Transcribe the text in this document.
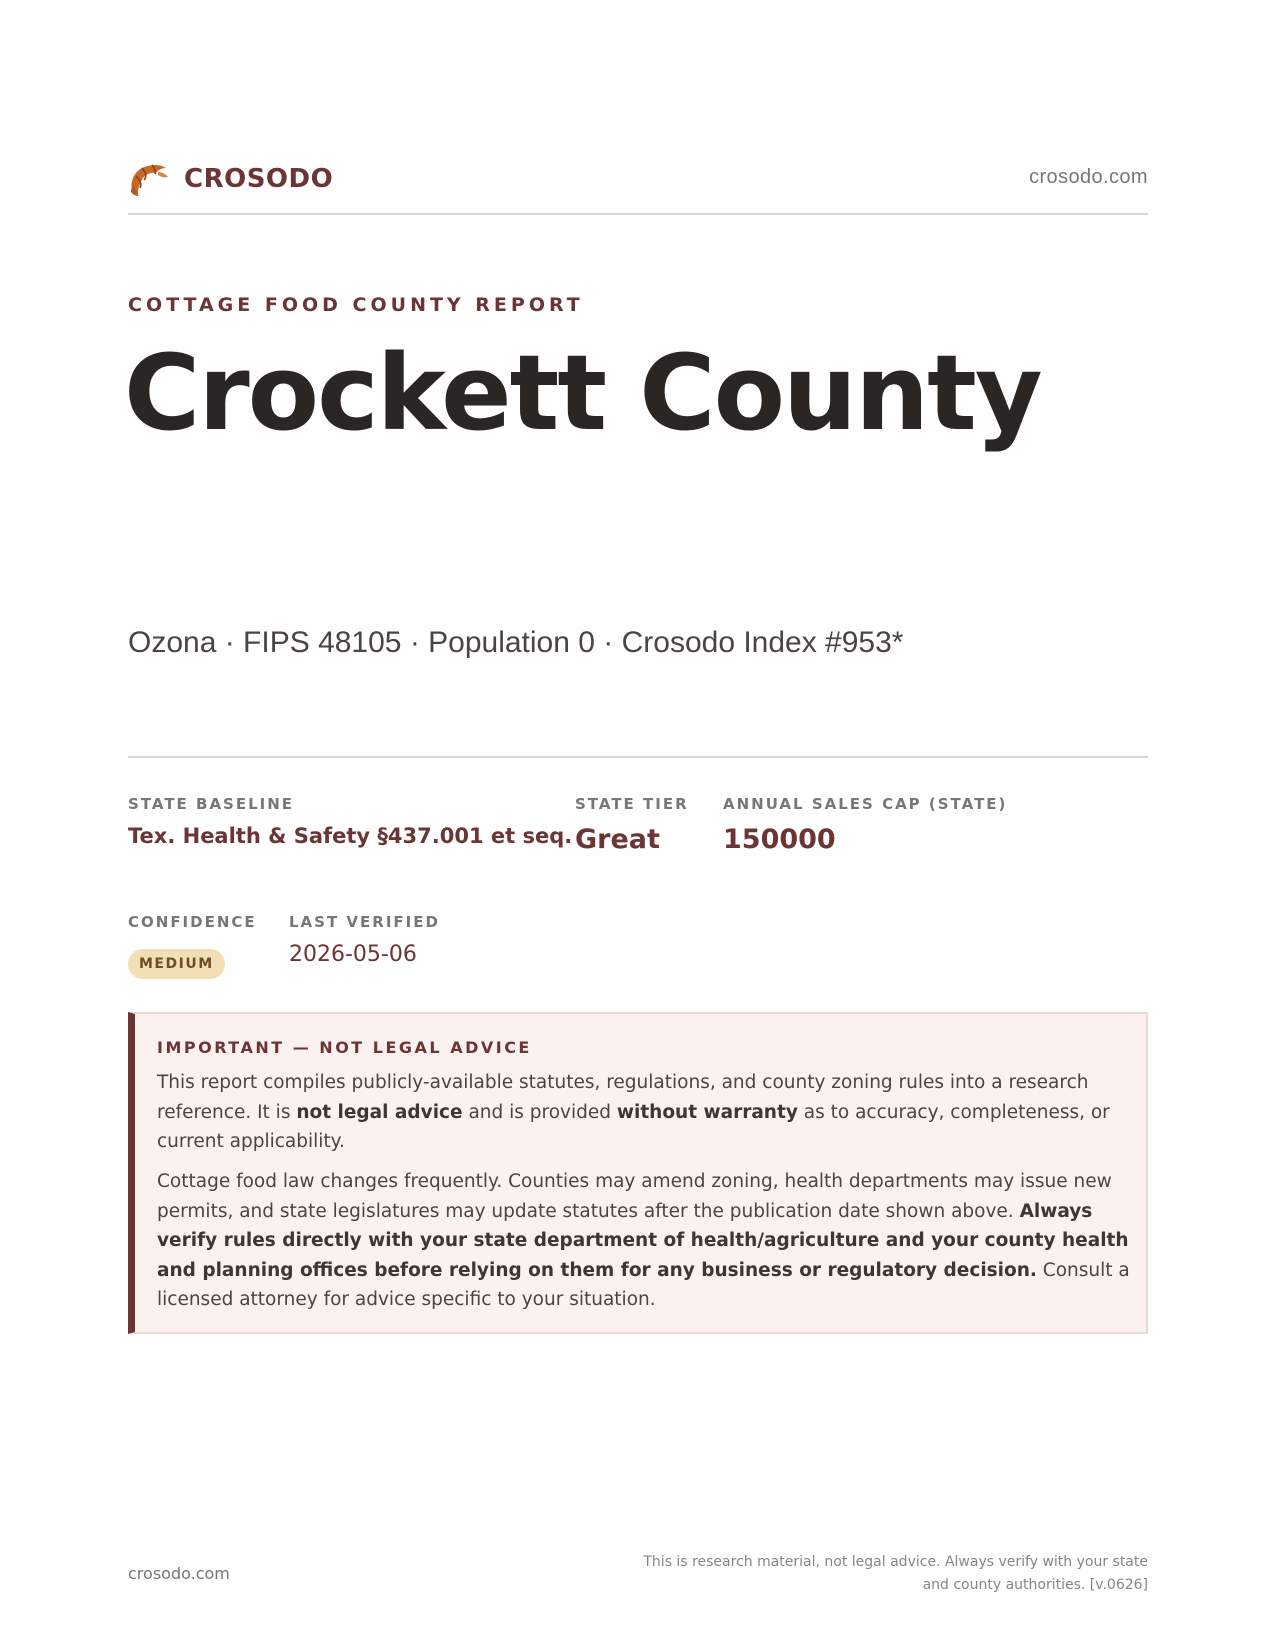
CROSODO	crosodo.com
COTTAGE FOOD COUNTY REPORT
Crockett County
Ozona · FIPS 48105 · Population 0 · Crosodo Index #953*
STATE BASELINE
Tex. Health & Safety §437.001 et seq.
STATE TIER
Great
ANNUAL SALES CAP (STATE)
150000
CONFIDENCE
MEDIUM
LAST VERIFIED
2026-05-06
IMPORTANT — NOT LEGAL ADVICE

This report compiles publicly-available statutes, regulations, and county zoning rules into a research reference. It is not legal advice and is provided without warranty as to accuracy, completeness, or current applicability.

Cottage food law changes frequently. Counties may amend zoning, health departments may issue new permits, and state legislatures may update statutes after the publication date shown above. Always verify rules directly with your state department of health/agriculture and your county health and planning offices before relying on them for any business or regulatory decision. Consult a licensed attorney for advice specific to your situation.

crosodo.com
This is research material, not legal advice. Always verify with your state
and county authorities. [v.0626]
